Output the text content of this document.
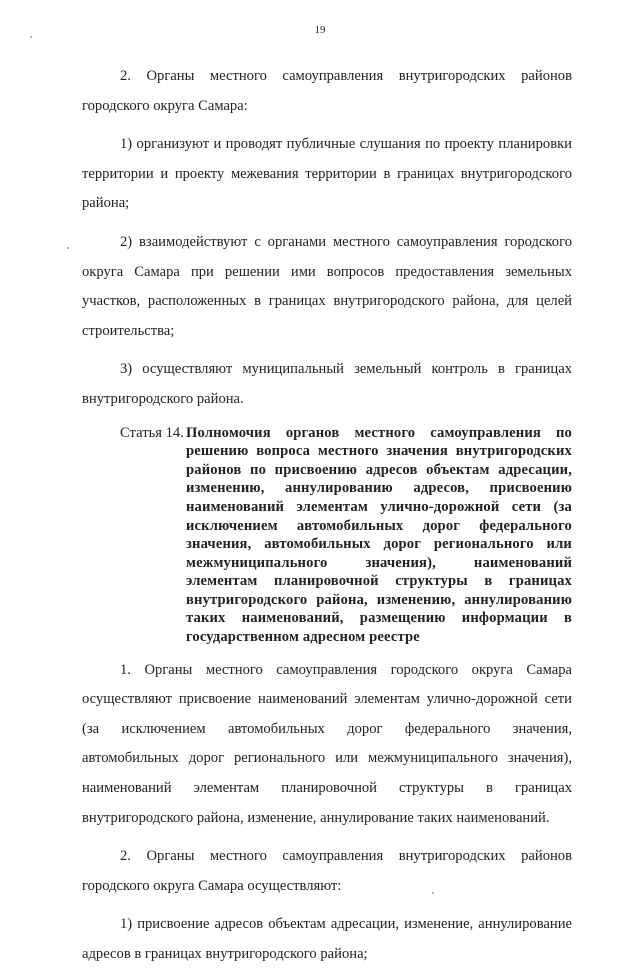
19

2. Органы местного самоуправления внутригородских районов городского округа Самара:

1) организуют и проводят публичные слушания по проекту планировки территории и проекту межевания территории в границах внутригородского района;

2) взаимодействуют с органами местного самоуправления городского округа Самара при решении ими вопросов предоставления земельных участков, расположенных в границах внутригородского района, для целей строительства;

3) осуществляют муниципальный земельный контроль в границах внутригородского района.

Статья 14. Полномочия органов местного самоуправления по решению вопроса местного значения внутригородских районов по присвоению адресов объектам адресации, изменению, аннулированию адресов, присвоению наименований элементам улично-дорожной сети (за исключением автомобильных дорог федерального значения, автомобильных дорог регионального или межмуниципального значения), наименований элементам планировочной структуры в границах внутригородского района, изменению, аннулированию таких наименований, размещению информации в государственном адресном реестре

1. Органы местного самоуправления городского округа Самара осуществляют присвоение наименований элементам улично-дорожной сети (за исключением автомобильных дорог федерального значения, автомобильных дорог регионального или межмуниципального значения), наименований элементам планировочной структуры в границах внутригородского района, изменение, аннулирование таких наименований.

2. Органы местного самоуправления внутригородских районов городского округа Самара осуществляют:

1) присвоение адресов объектам адресации, изменение, аннулирование адресов в границах внутригородского района;
